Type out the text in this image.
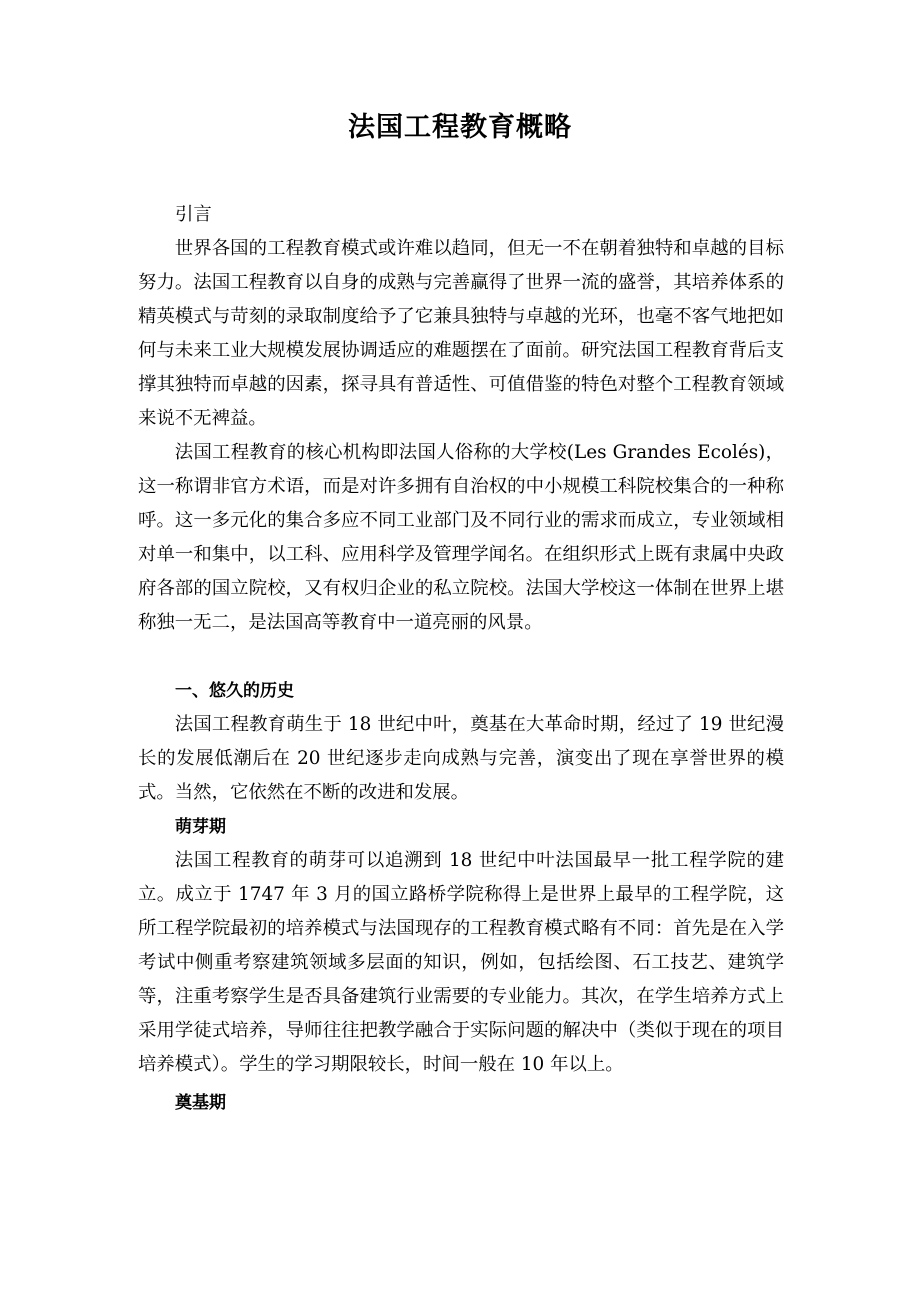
法国工程教育概略
引言

世界各国的工程教育模式或许难以趋同，但无一不在朝着独特和卓越的目标努力。法国工程教育以自身的成熟与完善赢得了世界一流的盛誉，其培养体系的精英模式与苛刻的录取制度给予了它兼具独特与卓越的光环，也毫不客气地把如何与未来工业大规模发展协调适应的难题摆在了面前。研究法国工程教育背后支撑其独特而卓越的因素，探寻具有普适性、可值借鉴的特色对整个工程教育领域来说不无裨益。

法国工程教育的核心机构即法国人俗称的大学校(Les Grandes Ecolés)，这一称谓非官方术语，而是对许多拥有自治权的中小规模工科院校集合的一种称呼。这一多元化的集合多应不同工业部门及不同行业的需求而成立，专业领域相对单一和集中，以工科、应用科学及管理学闻名。在组织形式上既有隶属中央政府各部的国立院校，又有权归企业的私立院校。法国大学校这一体制在世界上堪称独一无二，是法国高等教育中一道亮丽的风景。

一、悠久的历史

法国工程教育萌生于 18 世纪中叶，奠基在大革命时期，经过了 19 世纪漫长的发展低潮后在 20 世纪逐步走向成熟与完善，演变出了现在享誉世界的模式。当然，它依然在不断的改进和发展。

萌芽期

法国工程教育的萌芽可以追溯到 18 世纪中叶法国最早一批工程学院的建立。成立于 1747 年 3 月的国立路桥学院称得上是世界上最早的工程学院，这所工程学院最初的培养模式与法国现存的工程教育模式略有不同：首先是在入学考试中侧重考察建筑领域多层面的知识，例如，包括绘图、石工技艺、建筑学等，注重考察学生是否具备建筑行业需要的专业能力。其次，在学生培养方式上采用学徒式培养，导师往往把教学融合于实际问题的解决中（类似于现在的项目培养模式）。学生的学习期限较长，时间一般在 10 年以上。

奠基期
